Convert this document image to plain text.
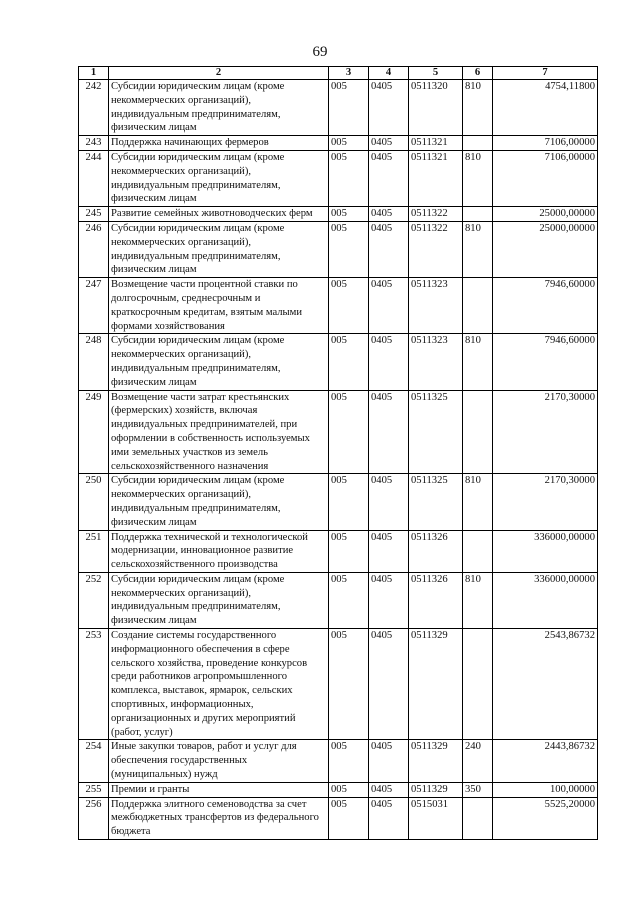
69
1	2	3	4	5	6	7
242	Субсидии юридическим лицам (кроме некоммерческих организаций), индивидуальным предпринимателям, физическим лицам	005	0405	0511320	810	4754,11800
243	Поддержка начинающих фермеров	005	0405	0511321		7106,00000
244	Субсидии юридическим лицам (кроме некоммерческих организаций), индивидуальным предпринимателям, физическим лицам	005	0405	0511321	810	7106,00000
245	Развитие семейных животноводческих ферм	005	0405	0511322		25000,00000
246	Субсидии юридическим лицам (кроме некоммерческих организаций), индивидуальным предпринимателям, физическим лицам	005	0405	0511322	810	25000,00000
247	Возмещение части процентной ставки по долгосрочным, среднесрочным и краткосрочным кредитам, взятым малыми формами хозяйствования	005	0405	0511323		7946,60000
248	Субсидии юридическим лицам (кроме некоммерческих организаций), индивидуальным предпринимателям, физическим лицам	005	0405	0511323	810	7946,60000
249	Возмещение части затрат крестьянских (фермерских) хозяйств, включая индивидуальных предпринимателей, при оформлении в собственность используемых ими земельных участков из земель сельскохозяйственного назначения	005	0405	0511325		2170,30000
250	Субсидии юридическим лицам (кроме некоммерческих организаций), индивидуальным предпринимателям, физическим лицам	005	0405	0511325	810	2170,30000
251	Поддержка технической и технологической модернизации, инновационное развитие сельскохозяйственного производства	005	0405	0511326		336000,00000
252	Субсидии юридическим лицам (кроме некоммерческих организаций), индивидуальным предпринимателям, физическим лицам	005	0405	0511326	810	336000,00000
253	Создание системы государственного информационного обеспечения в сфере сельского хозяйства, проведение конкурсов среди работников агропромышленного комплекса, выставок, ярмарок, сельских спортивных, информационных, организационных и других мероприятий (работ, услуг)	005	0405	0511329		2543,86732
254	Иные закупки товаров, работ и услуг для обеспечения государственных (муниципальных) нужд	005	0405	0511329	240	2443,86732
255	Премии и гранты	005	0405	0511329	350	100,00000
256	Поддержка элитного семеноводства за счет межбюджетных трансфертов из федерального бюджета	005	0405	0515031		5525,20000
